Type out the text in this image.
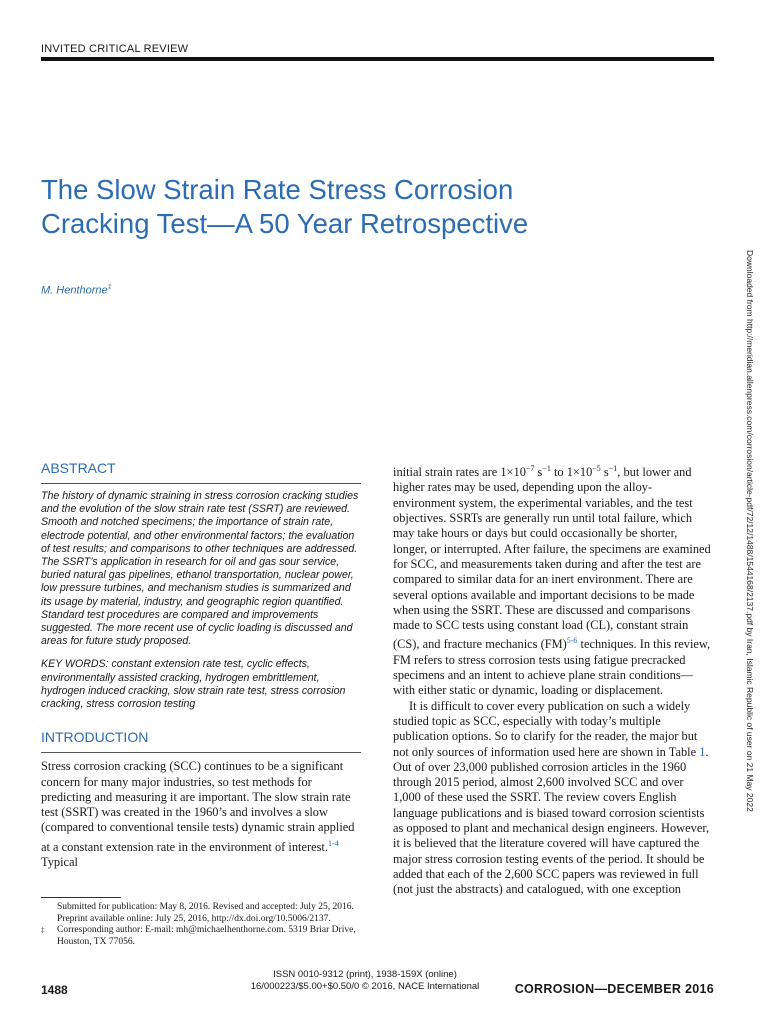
INVITED CRITICAL REVIEW
The Slow Strain Rate Stress Corrosion
Cracking Test—A 50 Year Retrospective
M. Henthorne‡	Downloaded from http://meridian.allenpress.com/corrosion/article-pdf/72/12/1488/1544168/2137.pdf by Iran, Islamic Republic of user on 21 May 2022
ABSTRACT

The history of dynamic straining in stress corrosion cracking studies and the evolution of the slow strain rate test (SSRT) are reviewed. Smooth and notched specimens; the importance of strain rate, electrode potential, and other environmental factors; the evaluation of test results; and comparisons to other techniques are addressed. The SSRT’s application in research for oil and gas sour service, buried natural gas pipelines, ethanol transportation, nuclear power, low pressure turbines, and mechanism studies is summarized and its usage by material, industry, and geographic region quantified. Standard test procedures are compared and improvements suggested. The more recent use of cyclic loading is discussed and areas for future study proposed.

KEY WORDS: constant extension rate test, cyclic effects, environmentally assisted cracking, hydrogen embrittlement, hydrogen induced cracking, slow strain rate test, stress corrosion cracking, stress corrosion testing

INTRODUCTION

Stress corrosion cracking (SCC) continues to be a significant concern for many major industries, so test methods for predicting and measuring it are important. The slow strain rate test (SSRT) was created in the 1960’s and involves a slow (compared to conventional tensile tests) dynamic strain applied at a constant extension rate in the environment of interest.$^{1-4}$ Typical

Submitted for publication: May 8, 2016. Revised and accepted: July 25, 2016. Preprint available online: July 25, 2016, http://dx.doi.org/10.5006/2137.

‡ Corresponding author: E-mail: mh@michaelhenthorne.com. 5319 Briar Drive, Houston, TX 77056.

initial strain rates are $1\times 10^{-7}$ $s^{-1}$ to $1\times 10^{-5}$ $s^{-1}$, but lower and higher rates may be used, depending upon the alloy-environment system, the experimental variables, and the test objectives. SSRTs are generally run until total failure, which may take hours or days but could occasionally be shorter, longer, or interrupted. After failure, the specimens are examined for SCC, and measurements taken during and after the test are compared to similar data for an inert environment. There are several options available and important decisions to be made when using the SSRT. These are discussed and comparisons made to SCC tests using constant load (CL), constant strain (CS), and fracture mechanics (FM)$^{5-6}$ techniques. In this review, FM refers to stress corrosion tests using fatigue precracked specimens and an intent to achieve plane strain conditions—with either static or dynamic, loading or displacement.

It is difficult to cover every publication on such a widely studied topic as SCC, especially with today’s multiple publication options. So to clarify for the reader, the major but not only sources of information used here are shown in Table 1. Out of over 23,000 published corrosion articles in the 1960 through 2015 period, almost 2,600 involved SCC and over 1,000 of these used the SSRT. The review covers English language publications and is biased toward corrosion scientists as opposed to plant and mechanical design engineers. However, it is believed that the literature covered will have captured the major stress corrosion testing events of the period. It should be added that each of the 2,600 SCC papers was reviewed in full (not just the abstracts) and catalogued, with one exception

1488
ISSN 0010-9312 (print), 1938-159X (online)
16/000223/$5.00+$0.50/0 © 2016, NACE International	CORROSION—DECEMBER 2016
